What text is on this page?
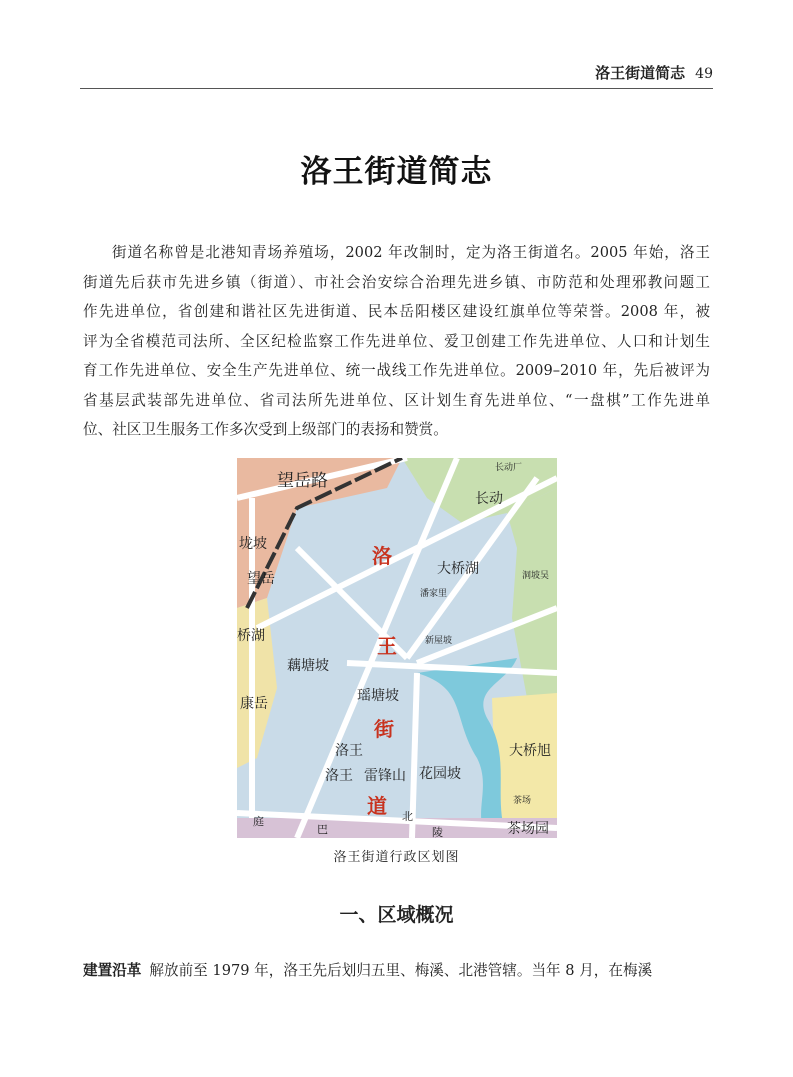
洛王街道简志 49
洛王街道简志
街道名称曾是北港知青场养殖场，2002 年改制时，定为洛王街道名。2005 年始，洛王
街道先后获市先进乡镇（街道）、市社会治安综合治理先进乡镇、市防范和处理邪教问题工
作先进单位，省创建和谐社区先进街道、民本岳阳楼区建设红旗单位等荣誉。2008 年，被
评为全省模范司法所、全区纪检监察工作先进单位、爱卫创建工作先进单位、人口和计划生
育工作先进单位、安全生产先进单位、统一战线工作先进单位。2009–2010 年，先后被评为
省基层武装部先进单位、省司法所先进单位、区计划生育先进单位、“一盘棋”工作先进单
位、社区卫生服务工作多次受到上级部门的表扬和赞赏。
洛
王
街
道
望岳路
长动厂
长动
大桥湖
潘家里
洞坡吴
新屋坡
藕塘坡
瑶塘坡
洛王
洛王 雷锋山 花园坡
大桥旭
茶场
茶场园
桥湖
康岳
望岳
垅坡
庭
巴
北
陵
洛王街道行政区划图
一、区域概况
建置沿革 解放前至 1979 年，洛王先后划归五里、梅溪、北港管辖。当年 8 月，在梅溪
